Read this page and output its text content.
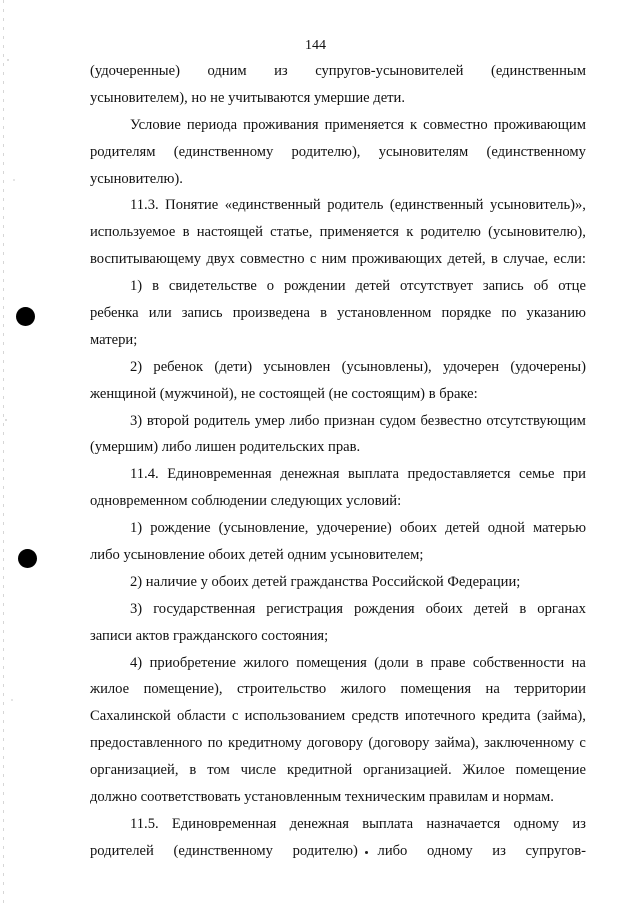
144
(удочеренные) одним из супругов-усыновителей (единственным
усыновителем), но не учитываются умершие дети.
Условие периода проживания применяется к совместно проживающим
родителям (единственному родителю), усыновителям (единственному
усыновителю).
11.3. Понятие «единственный родитель (единственный усыновитель)»,
используемое в настоящей статье, применяется к родителю (усыновителю),
воспитывающему двух совместно с ним проживающих детей, в случае, если:
1) в свидетельстве о рождении детей отсутствует запись об отце
ребенка или запись произведена в установленном порядке по указанию
матери;
2) ребенок (дети) усыновлен (усыновлены), удочерен (удочерены)
женщиной (мужчиной), не состоящей (не состоящим) в браке:
3) второй родитель умер либо признан судом безвестно отсутствующим
(умершим) либо лишен родительских прав.
11.4. Единовременная денежная выплата предоставляется семье при
одновременном соблюдении следующих условий:
1) рождение (усыновление, удочерение) обоих детей одной матерью
либо усыновление обоих детей одним усыновителем;
2) наличие у обоих детей гражданства Российской Федерации;
3) государственная регистрация рождения обоих детей в органах
записи актов гражданского состояния;
4) приобретение жилого помещения (доли в праве собственности на
жилое помещение), строительство жилого помещения на территории
Сахалинской области с использованием средств ипотечного кредита (займа),
предоставленного по кредитному договору (договору займа), заключенному с
организацией, в том числе кредитной организацией. Жилое помещение
должно соответствовать установленным техническим правилам и нормам.
11.5. Единовременная денежная выплата назначается одному из
родителей (единственному родителю) либо одному из супругов-
